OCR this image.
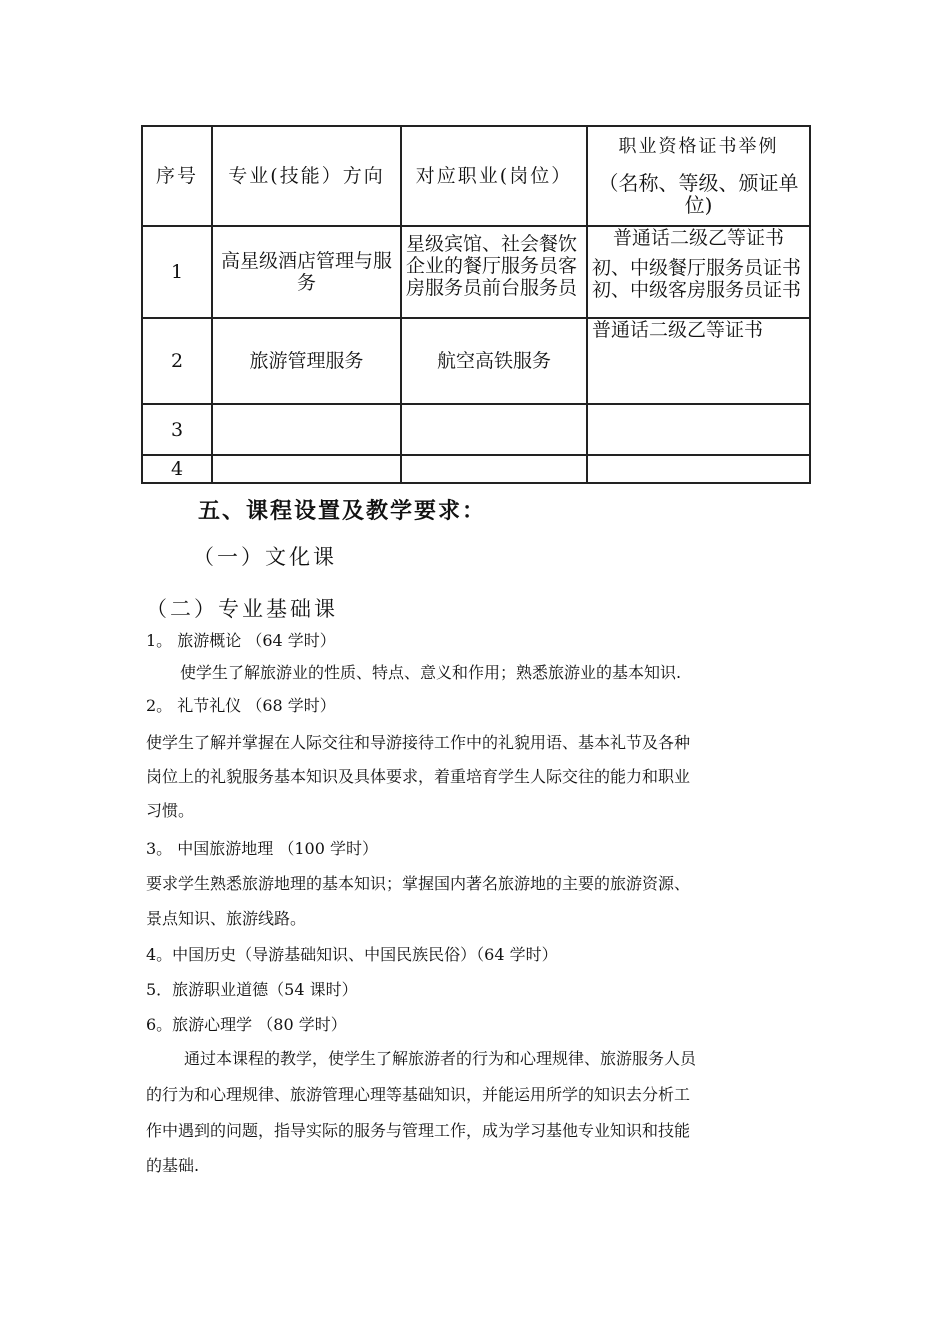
序号	专业(技能）方向	对应职业(岗位）	职业资格证书举例
（名称、等级、颁证单位)

1	高星级酒店管理与服务	星级宾馆、社会餐饮企业的餐厅服务员客房服务员前台服务员	普通话二级乙等证书
初、中级餐厅服务员证书
初、中级客房服务员证书

2	旅游管理服务	航空高铁服务	普通话二级乙等证书

3			
4			
五、课程设置及教学要求：
（一）文化课
（二）专业基础课
1。 旅游概论 （64 学时）
使学生了解旅游业的性质、特点、意义和作用；熟悉旅游业的基本知识.
2。 礼节礼仪 （68 学时）
使学生了解并掌握在人际交往和导游接待工作中的礼貌用语、基本礼节及各种
岗位上的礼貌服务基本知识及具体要求，着重培育学生人际交往的能力和职业
习惯。
3。 中国旅游地理 （100 学时）
要求学生熟悉旅游地理的基本知识；掌握国内著名旅游地的主要的旅游资源、
景点知识、旅游线路。
4。中国历史（导游基础知识、中国民族民俗）（64 学时）
5．旅游职业道德（54 课时）
6。旅游心理学 （80 学时）
通过本课程的教学，使学生了解旅游者的行为和心理规律、旅游服务人员
的行为和心理规律、旅游管理心理等基础知识，并能运用所学的知识去分析工
作中遇到的问题，指导实际的服务与管理工作，成为学习基他专业知识和技能
的基础.
